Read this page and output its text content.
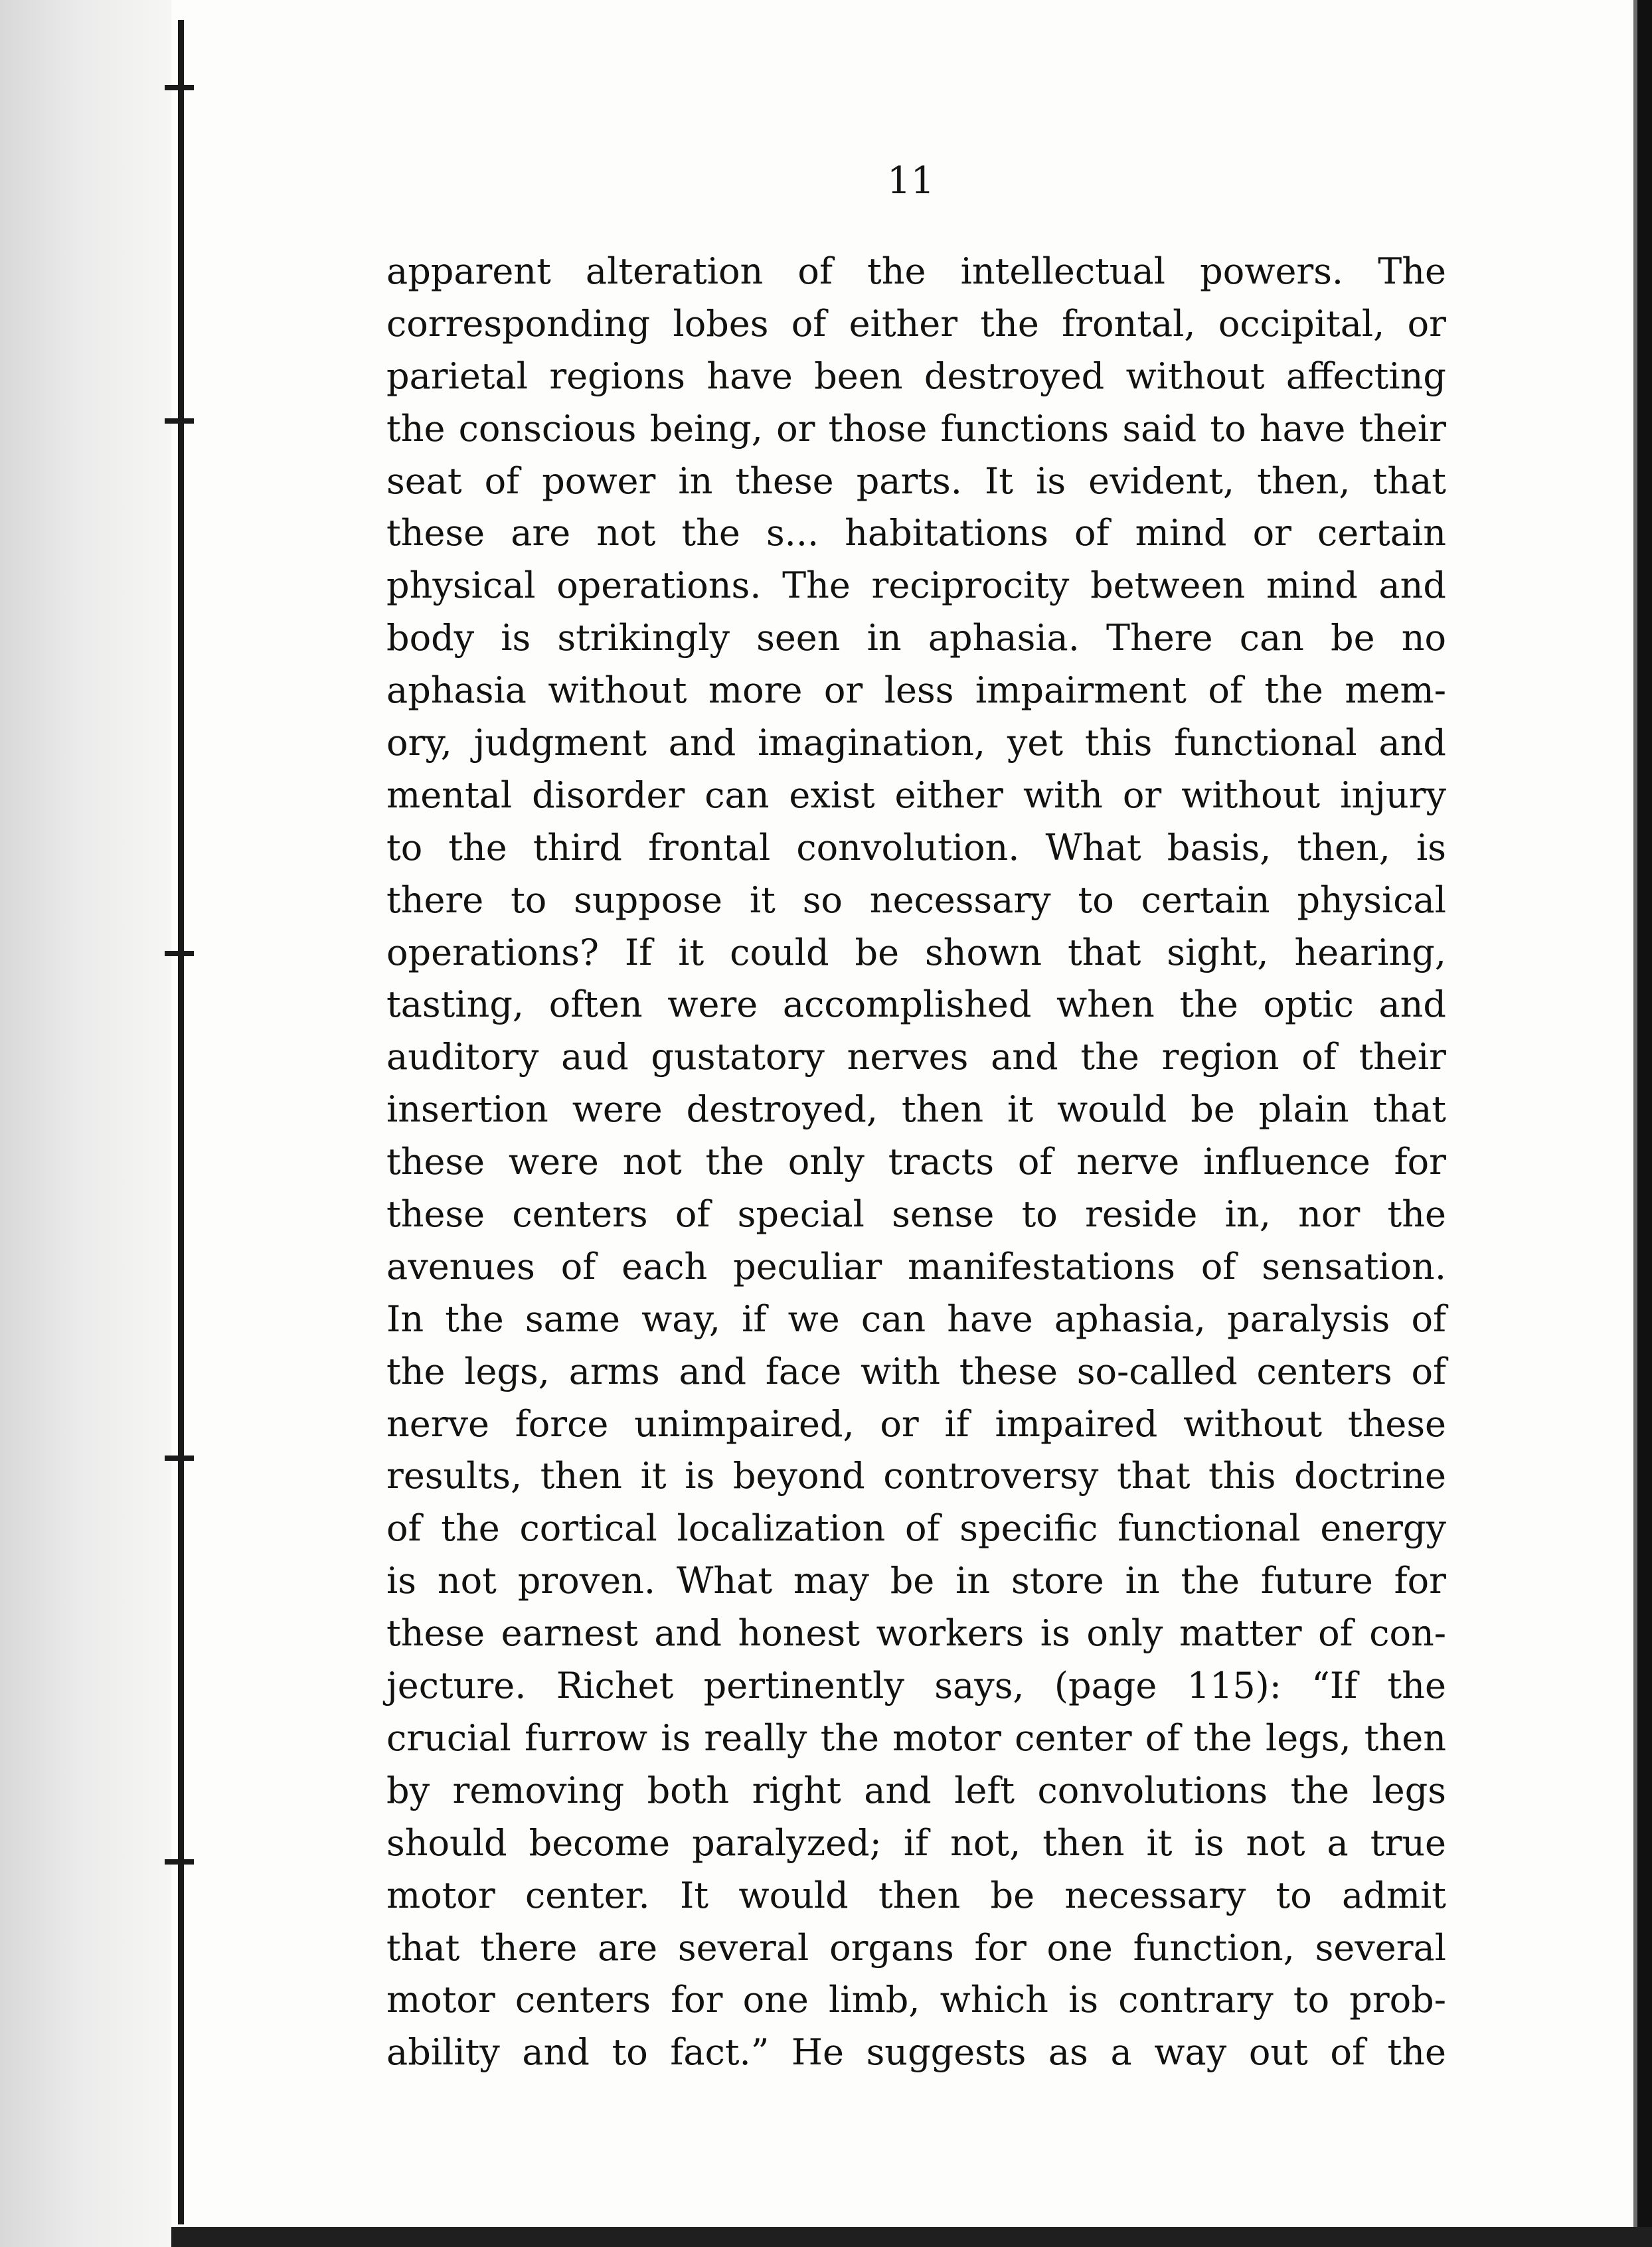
11
apparent alteration of the intellectual powers. The
corresponding lobes of either the frontal, occipital, or
parietal regions have been destroyed without affecting
the conscious being, or those functions said to have their
seat of power in these parts. It is evident, then, that
these are not the s... habitations of mind or certain
physical operations. The reciprocity between mind and
body is strikingly seen in aphasia. There can be no
aphasia without more or less impairment of the mem-
ory, judgment and imagination, yet this functional and
mental disorder can exist either with or without injury
to the third frontal convolution. What basis, then, is
there to suppose it so necessary to certain physical
operations? If it could be shown that sight, hearing,
tasting, often were accomplished when the optic and
auditory aud gustatory nerves and the region of their
insertion were destroyed, then it would be plain that
these were not the only tracts of nerve influence for
these centers of special sense to reside in, nor the
avenues of each peculiar manifestations of sensation.
In the same way, if we can have aphasia, paralysis of
the legs, arms and face with these so-called centers of
nerve force unimpaired, or if impaired without these
results, then it is beyond controversy that this doctrine
of the cortical localization of specific functional energy
is not proven. What may be in store in the future for
these earnest and honest workers is only matter of con-
jecture. Richet pertinently says, (page 115): “If the
crucial furrow is really the motor center of the legs, then
by removing both right and left convolutions the legs
should become paralyzed; if not, then it is not a true
motor center. It would then be necessary to admit
that there are several organs for one function, several
motor centers for one limb, which is contrary to prob-
ability and to fact.” He suggests as a way out of the
